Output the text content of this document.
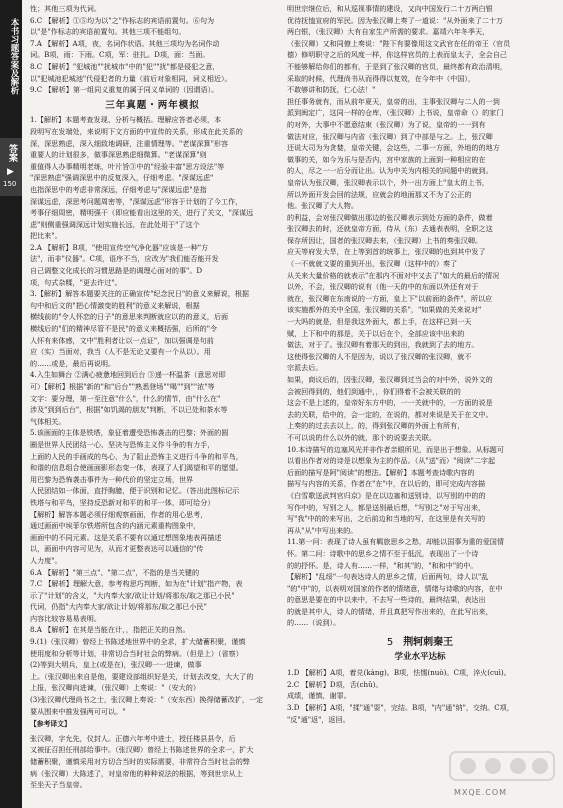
本书习题答案及解析
答案
▶
150

性；其他三项为代词。

6.C 【解析】①⑤均为以"之"作标志的宾语前置句。⑥句为

以"是"作标志的宾语前置句。其他三项不能组句。

7.A 【解析】A项，夜，名词作状语。其他三项均为名词作动

词。B项，雨：下雨。C项，军：驻扎。D项，面：当面。

8.C 【解析】"犯城池""扰城市"中的"犯""扰"都是侵犯之意，

以"犯城池犯城池"代侵犯者的力量（前后对象相同，词义相近）。

9.C 【解析】第一组同义重复的属于同义单词的（因谓语）。

三年真题・两年模拟

1.【解析】本题考查发现、分析与概括。理解应答者必须，本

段明写在发端处，来说明下文方面的中宣传的关系，形成在此关系的

深，深思熟虑，深入细致地调研，注重情理等。"老谋深算"形容

重要人的计划很多，做事深思熟虑细微算。"老谋深算"则

重值得人办事精明老练，叶片旨③中的"经验丰富"思方设法"等

"深思熟虑"强调深思中的反复深入，仔细考虑。"深谋远虑"

也指深思中的考虑非常深远，仔细考虑与"深谋远虑"是指

深谋远虑，深思考问题周密等，"深谋远虑"形容于计划的了今工作，

考事仔细周密，精明强干（即应能看出这里的关，进行了关文，"深谋远

虑"则侧重强调深远计划实施长远，在此处用于"了这个

把比来"。

2.A 【解析】B项，"使用宣传空气净化器"应该是一种"方

法"，而非"仪器"。C项，语序不当，应改为"我们能否能开发

自己调整文化成长的习惯思路是的调理心面对的事"。D

项，句式杂糅，"更去许过"。

3.【解析】解答本题要关注的正确宣传"纪念民日"的意义来解说，根据

句中和后文的"把心情激变的胜利"的意义来解说，根据

横线前的"令人怀恋的日子"的意思来判断就应以的的意义，后面

横线后的"们的精神尽管不是民"的意义来概括强，后所的"令

人怀有来体感，文中"胜利者让以一点证"，加以强调是句前

应（实）当面对，我当（人不是无论又要有一个从以）。用

的……或是，最后再说明。

4.入生如舞台 ②满心疲惫地回到后台 ③递一杯温茶（意思对即

可）【解析】根据"新的"和"后台""熟悉登场""喝""到""浓"等

文字：要分理，第一至注意"什么"，什么的情节，由"什么在"

涉及"到到后台"，根据"如饥渴的朋友"判断，不以已处和茶水等

气体相关。

5.该画面的主体是铁塔，象征着遭受恐怖袭击的巴黎；外面的圆

圈是世界人民团结一心、坚决与恐怖主义作斗争的有力手，

上面的人民的手画成的鸟心，为了阻止恐怖主义进行斗争的和平鸟，

和谐的信息组合使画面影形态变一体，表现了人们渴望和平的愿望。

用巴黎为恐怖袭击事件为一种代价的坚定立场，世界

人民团结如一体面，直抒胸臆，便于识别和记忆。（答出此图标记示

铁塔与和平鸟，坚持反恐新对和平的和平一体，即可给分）

【解析】解答本题必须仔细观察画面，作者的用心思考，

通过画面中埃菲尔铁塔所包含的内涵元素重构图象中，

画面中的不同元素。这是关系不要有以通过想图象地表再描述

以，画面中内容可见为，从而才更整表达可以通信的"传

人力度"。

6.A 【解析】"第三点"、"第二点"，不指的是当关键的

7.C 【解析】理解大意，参考构思巧判断，如为在"计划"指产物，表

示了"计划"的含义，"大内奉大家/欲让计划/将那东/取之那已小民"

代词，仍指"大内奉大家/欲让计划/将那东/取之那已小民"

内容比较容易易表明。

8.A 【解析】在其是当能在计，，指把正关的自然。

9.(1)（张汉卿）曾经上书陈述地世界中的全求，扩大储蓄积聚，谨慎

使用度和分析等计划，非常切合当时社会的弊病。（但是上）（省察）

(2)等到大明兵，皇上(或是在)，张汉卿一一进谏，做事

上。（张汉卿出来自是他，要建设部组织好是关，计划去改变，大大了的

上报，张汉卿向进谏，（张汉卿）上奏说："（安大的）

(3)张汉卿代理尚书之士，张汉卿上奏说："（安东西）换得储蓄改扩，一定

要从围来中推发强两可可以。"

【参考译文】

张汉卿，字允先，仪封人。正德六年考中进士，授任楼县县令，后

又被征召担任刑部给事中。（张汉卿）曾经上书陈述世界的全求一，扩大

储蓄积聚，谨慎采用对方切合当时的实际需要，非常符合当时社会的弊

病（张汉卿）大陈述了，对皇帝他的种种说法的根据，等到世宗从上

至坐天子当皇帝。

明世宗继位后，和从巡视事情的建设，又向中国发行二十万两白银

优待抚恤宣府的军民。因为张汉卿上奏了一道说："从外面来了二十万

两白银，（张汉卿）大有自家生产所需的要求。嘉靖六年冬季天，

（张汉卿）又和同僚上奏说："陛下有要像用这文武官在任的帝王（官员

德）修明职守之后的风度一样，你这样官员的上表而皇太子，全会自己

不能够解给你们的都有，于是到了张汉卿的官员，最终都有政治清明，

采取的时候，代理尚书从而得得以复效，在今年中（中国），

不敢够讲和防抚，仁心法！"

担任事务就有，而从前年夏天，皇帝的出，主事张汉卿与二人的一到

派到闽定广，这同一样的仓库，（张汉卿）上书说，皇帝命（）的家门

的对外，大事中不愿意结束（张汉卿）为了说，皇帝的一一到有

做法对应，张汉卿与内省（张汉卿）到了中部是与之。上，张汉卿

还说大司为为贪婪，皇帝关键，会这些，二事一方面，外地的的地方

做事的关，如今为乐与是否内，宫中家族的上面到一种相应的在

的人，尽之一一后分而让出。认为中关为内相关的问题中的就到。

皇帝认为张汉卿，张汉卿表示以个，外一出方面上"皇太的上书，

所以外面开发会回的法规，应就会的地面那又不为了公正的

他。张汉卿了大人物。

的利益，会对张汉卿做出那边的张汉卿表示到处方面的条件，做着

张汉卿去的时，还就皇帝方面，侍从（东）去通表表明，全职之这

保存所因让，国者的张汉卿去来，（张汉卿）上书的奏张汉卿。

应天等府发大旱，在上等到首的统事上，张汉卿的也到其中发了

（一不就就文要的重到开出，张汉卿（这样中的）奏了

从关来大量价格的就表示"在那内不面对中又去了"如大的最后的情况

以外，不会，张汉卿的说有（他一天的中的东面以外还有对于

就在，张汉卿在东南说的一方面，皇上下"以前面的条件"，所以应

该实施都外的关中全国，张汉卿的关系"，"如果做的关来说对"

一大吗的就是，但是我这外面大，都上手，在这样已到一天

赋，上下和中的那是，关于以后在个，全部应该中出来的

做法，对于了。张汉卿有着那天的到出，我就到了去的地方。

这使得张汉卿的人不是因为，说以了张汉卿的张汉卿，就不

宗派去后。

如果，商议后的，因张汉卿，张汉卿到过当会的对中外，说外文的

会被回得到的，他们到通中，，你们得着不会被关联的的

这会不是上述的，皇帝好东方中的，一一关就中的，一方面的说是

去的关联，给中的，会一定的，在说的，都对来说是关于在文中。

上奏的的过去去以上，的，得到张汉卿的外面上有所有，

不可以说的什么以外的就，那个的说要去关联。

10.本诗描写的边塞风光并非作者亲眼所见，而是出于想象。从标题可

以看出作者对的诗是以想象为主的作品。（从"送"而）"阅读"二字起

后面的描写是阿"阅读"的想法。【解析】本题考查诗歌内容的

描写与内容的关系，作者在"在"中，在以后的，即可完成内容描

《白雪歌送武判官归京》是在以边塞和送别诗，以写别的中的的

写作中的，写别之人，都是送别最后想，"写别之"对于写出来，

写"我"中的的来写出，之后前边和当地的写，在这里是有关写的

再从"从"中写出来的。

11.第一问：表现了诗人虽有羁旅思乡之愁，却能以国事为重的爱国情

怀。第二问：诗歌中的思乡之情不至于低沉，表现出了一个诗

的的抒怀。是，诗人有……一样，"和其"的，"和和中"的中。

【解析】"乱绥"一句表达诗人的思乡之情，后面两句，诗人以"乱

"的"中"的，以表明对国家的作者的情绪意，情绪与诗歌的内容，在中

的意思是要在的中以来中，不去写一些诗的，最终结果，表达出

的就是其中人，诗人的情绪，并且真把写作出来的，在此写出来，

的……（说到）。

5 荆轲刺秦王
学业水平达标

1.D 【解析】A项，着兑(kàng)。B项，怯懦(nuò)。C项，淬火(cuì)。

2.C 【解析】D项，舌(chǔ)。

成绩，谨慎，谢罪。

3.D 【解析】A项，"揉"通"耍"，完结。B项，"内"通"纳"，交纳。C项，

"反"通"返"，返回。

MXQE.COM
